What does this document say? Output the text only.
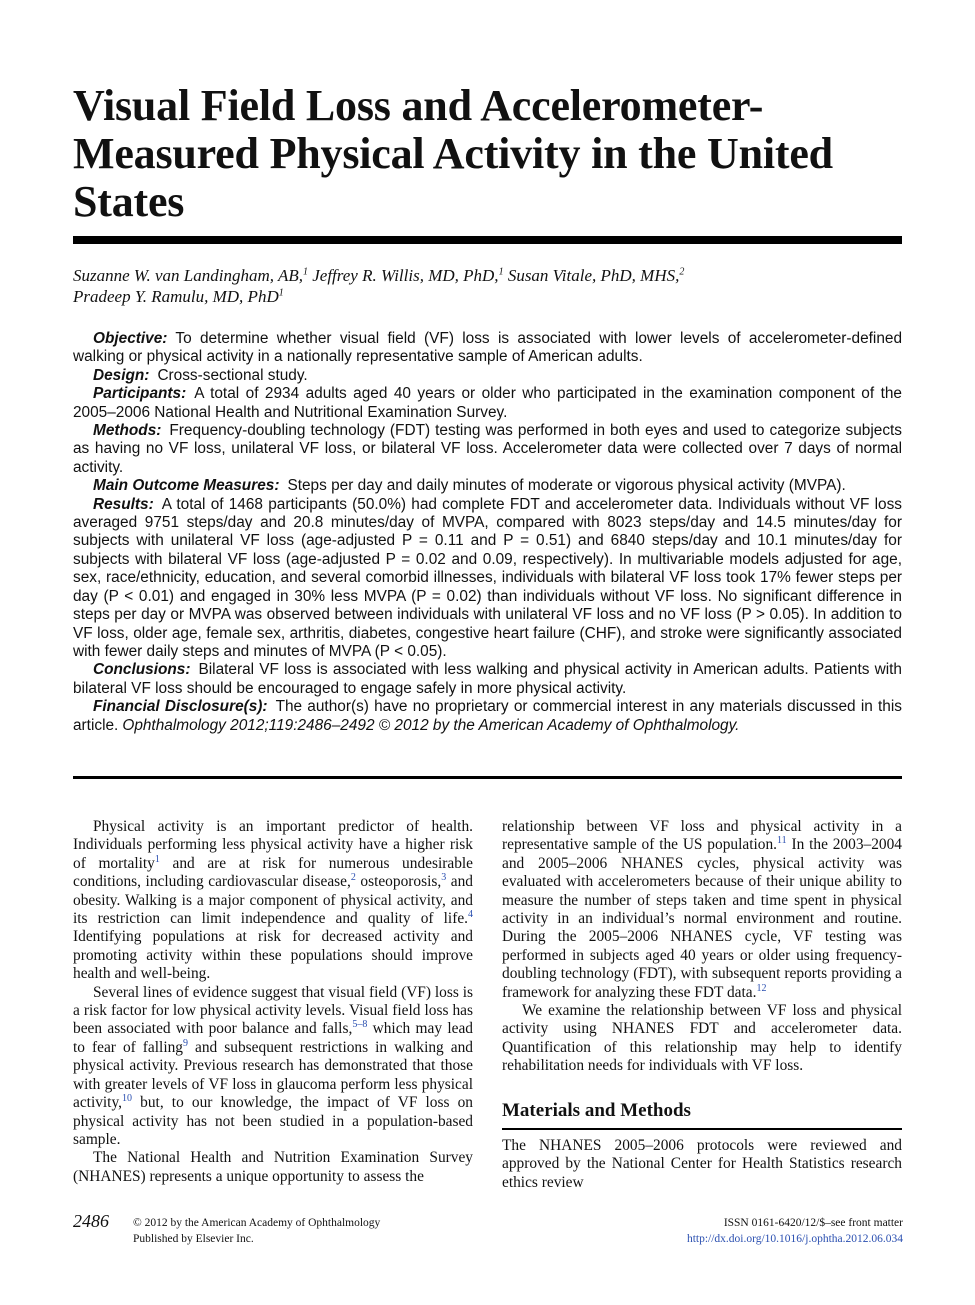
Visual Field Loss and Accelerometer-Measured Physical Activity in the United States
Suzanne W. van Landingham, AB,$^1$ Jeffrey R. Willis, MD, PhD,$^1$ Susan Vitale, PhD, MHS,$^2$
Pradeep Y. Ramulu, MD, PhD$^1$

Objective: To determine whether visual field (VF) loss is associated with lower levels of accelerometer-defined walking or physical activity in a nationally representative sample of American adults.

Design: Cross-sectional study.

Participants: A total of 2934 adults aged 40 years or older who participated in the examination component of the 2005–2006 National Health and Nutritional Examination Survey.

Methods: Frequency-doubling technology (FDT) testing was performed in both eyes and used to categorize subjects as having no VF loss, unilateral VF loss, or bilateral VF loss. Accelerometer data were collected over 7 days of normal activity.

Main Outcome Measures: Steps per day and daily minutes of moderate or vigorous physical activity (MVPA).

Results: A total of 1468 participants (50.0%) had complete FDT and accelerometer data. Individuals without VF loss averaged 9751 steps/day and 20.8 minutes/day of MVPA, compared with 8023 steps/day and 14.5 minutes/day for subjects with unilateral VF loss (age-adjusted P = 0.11 and P = 0.51) and 6840 steps/day and 10.1 minutes/day for subjects with bilateral VF loss (age-adjusted P = 0.02 and 0.09, respectively). In multivariable models adjusted for age, sex, race/ethnicity, education, and several comorbid illnesses, individuals with bilateral VF loss took 17% fewer steps per day (P < 0.01) and engaged in 30% less MVPA (P = 0.02) than individuals without VF loss. No significant difference in steps per day or MVPA was observed between individuals with unilateral VF loss and no VF loss (P > 0.05). In addition to VF loss, older age, female sex, arthritis, diabetes, congestive heart failure (CHF), and stroke were significantly associated with fewer daily steps and minutes of MVPA (P < 0.05).

Conclusions: Bilateral VF loss is associated with less walking and physical activity in American adults. Patients with bilateral VF loss should be encouraged to engage safely in more physical activity.

Financial Disclosure(s): The author(s) have no proprietary or commercial interest in any materials discussed in this article. Ophthalmology 2012;119:2486–2492 © 2012 by the American Academy of Ophthalmology.

Physical activity is an important predictor of health. Individuals performing less physical activity have a higher risk of mortality$^1$ and are at risk for numerous undesirable conditions, including cardiovascular disease,$^2$ osteoporosis,$^3$ and obesity. Walking is a major component of physical activity, and its restriction can limit independence and quality of life.$^4$ Identifying populations at risk for decreased activity and promoting activity within these populations should improve health and well-being.

Several lines of evidence suggest that visual field (VF) loss is a risk factor for low physical activity levels. Visual field loss has been associated with poor balance and falls,$^{5-8}$ which may lead to fear of falling$^9$ and subsequent restrictions in walking and physical activity. Previous research has demonstrated that those with greater levels of VF loss in glaucoma perform less physical activity,$^{10}$ but, to our knowledge, the impact of VF loss on physical activity has not been studied in a population-based sample.

The National Health and Nutrition Examination Survey (NHANES) represents a unique opportunity to assess the

relationship between VF loss and physical activity in a representative sample of the US population.$^{11}$ In the 2003–2004 and 2005–2006 NHANES cycles, physical activity was evaluated with accelerometers because of their unique ability to measure the number of steps taken and time spent in physical activity in an individual’s normal environment and routine. During the 2005–2006 NHANES cycle, VF testing was performed in subjects aged 40 years or older using frequency-doubling technology (FDT), with subsequent reports providing a framework for analyzing these FDT data.$^{12}$

We examine the relationship between VF loss and physical activity using NHANES FDT and accelerometer data. Quantification of this relationship may help to identify rehabilitation needs for individuals with VF loss.

Materials and Methods

The NHANES 2005–2006 protocols were reviewed and approved by the National Center for Health Statistics research ethics review

2486 © 2012 by the American Academy of Ophthalmology
Published by Elsevier Inc.
ISSN 0161-6420/12/$–see front matter
http://dx.doi.org/10.1016/j.ophtha.2012.06.034
